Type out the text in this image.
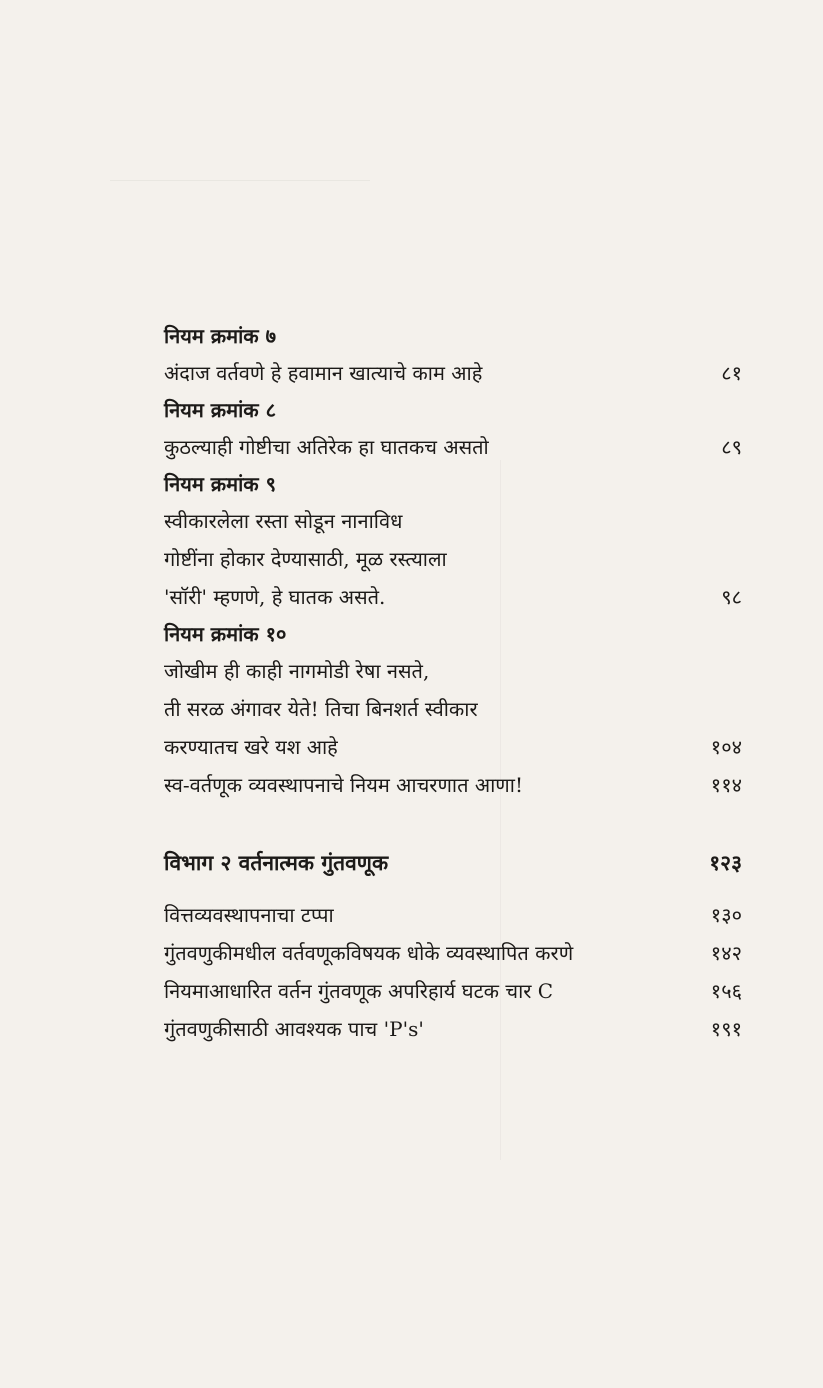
नियम क्रमांक ७
अंदाज वर्तवणे हे हवामान खात्याचे काम आहे	८१
नियम क्रमांक ८
कुठल्याही गोष्टीचा अतिरेक हा घातकच असतो	८९
नियम क्रमांक ९
स्वीकारलेला रस्ता सोडून नानाविध
गोष्टींना होकार देण्यासाठी, मूळ रस्त्याला
'सॉरी' म्हणणे, हे घातक असते.	९८
नियम क्रमांक १०
जोखीम ही काही नागमोडी रेषा नसते,
ती सरळ अंगावर येते! तिचा बिनशर्त स्वीकार
करण्यातच खरे यश आहे	१०४
स्व-वर्तणूक व्यवस्थापनाचे नियम आचरणात आणा!	११४
विभाग २ वर्तनात्मक गुंतवणूक	१२३
वित्तव्यवस्थापनाचा टप्पा	१३०
गुंतवणुकीमधील वर्तवणूकविषयक धोके व्यवस्थापित करणे	१४२
नियमाआधारित वर्तन गुंतवणूक अपरिहार्य घटक चार C	१५६
गुंतवणुकीसाठी आवश्यक पाच 'P's'	१९१
